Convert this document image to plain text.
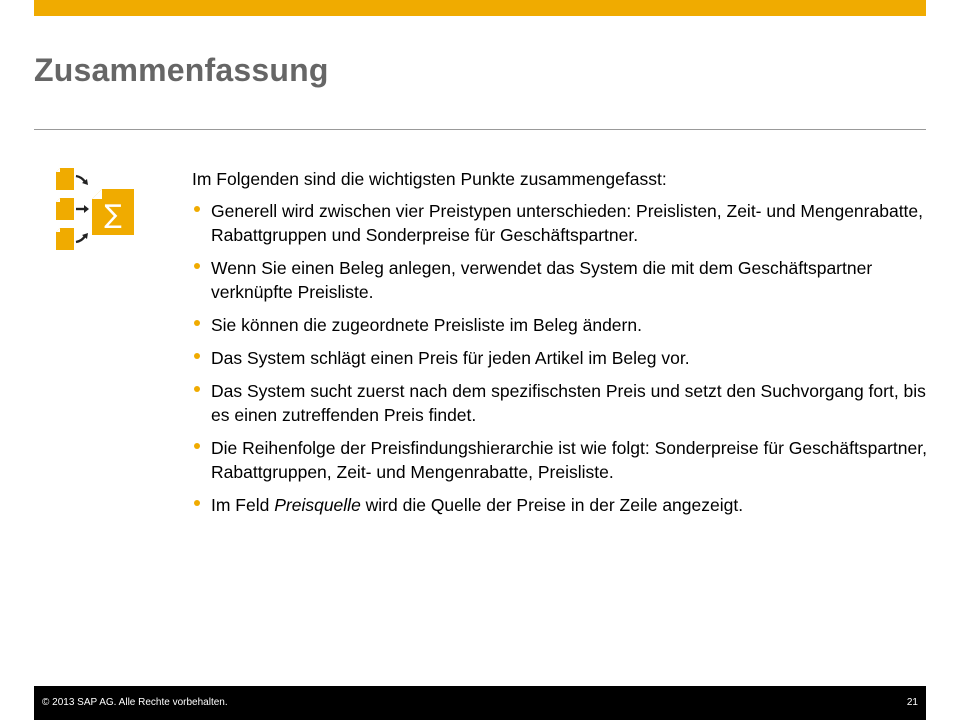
Zusammenfassung
∑

Im Folgenden sind die wichtigsten Punkte zusammengefasst:

Generell wird zwischen vier Preistypen unterschieden: Preislisten, Zeit- und Mengenrabatte, Rabattgruppen und Sonderpreise für Geschäftspartner.
Wenn Sie einen Beleg anlegen, verwendet das System die mit dem Geschäftspartner verknüpfte Preisliste.
Sie können die zugeordnete Preisliste im Beleg ändern.
Das System schlägt einen Preis für jeden Artikel im Beleg vor.
Das System sucht zuerst nach dem spezifischsten Preis und setzt den Suchvorgang fort, bis es einen zutreffenden Preis findet.
Die Reihenfolge der Preisfindungshierarchie ist wie folgt: Sonderpreise für Geschäftspartner, Rabattgruppen, Zeit- und Mengenrabatte, Preisliste.
Im Feld Preisquelle wird die Quelle der Preise in der Zeile angezeigt.
© 2013 SAP AG. Alle Rechte vorbehalten.	21
